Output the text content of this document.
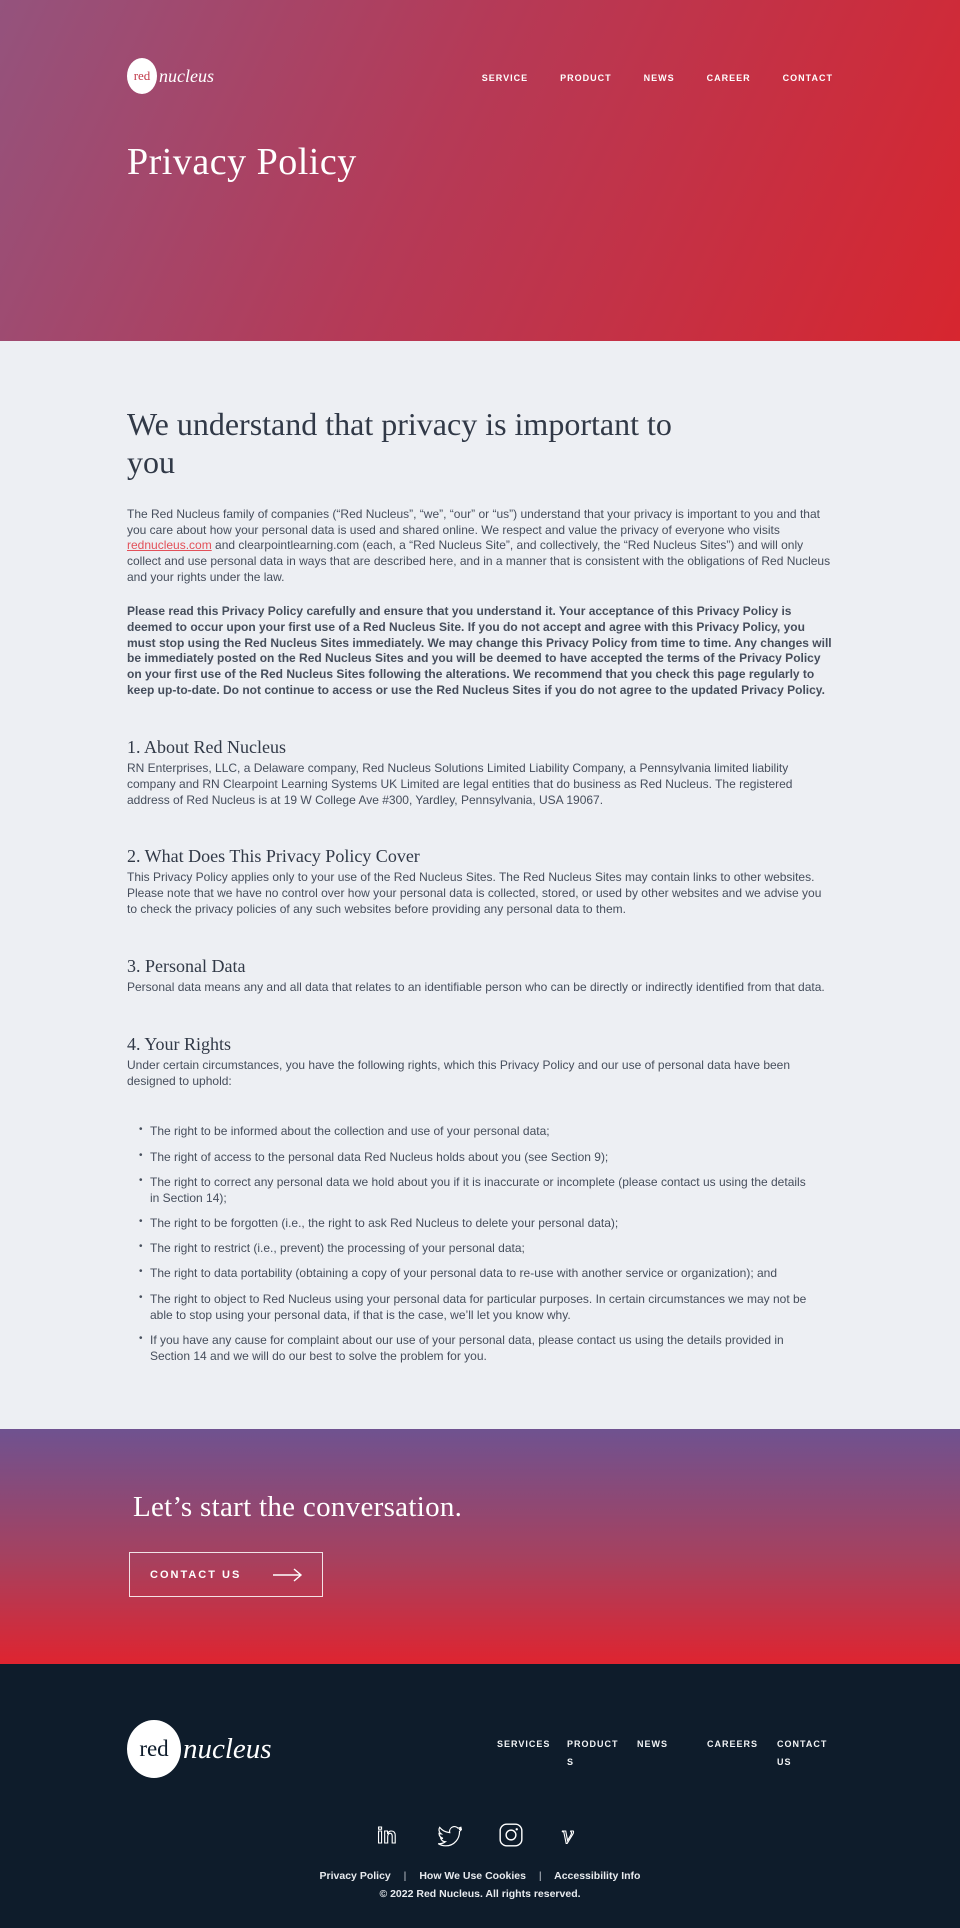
red nucleus	SERVICE	PRODUCT	NEWS	CAREER	CONTACT
Privacy Policy
We understand that privacy is important to you

The Red Nucleus family of companies (“Red Nucleus”, “we”, “our” or “us”) understand that your privacy is important to you and that you care about how your personal data is used and shared online. We respect and value the privacy of everyone who visits rednucleus.com and clearpointlearning.com (each, a “Red Nucleus Site”, and collectively, the “Red Nucleus Sites”) and will only collect and use personal data in ways that are described here, and in a manner that is consistent with the obligations of Red Nucleus and your rights under the law.

Please read this Privacy Policy carefully and ensure that you understand it. Your acceptance of this Privacy Policy is deemed to occur upon your first use of a Red Nucleus Site. If you do not accept and agree with this Privacy Policy, you must stop using the Red Nucleus Sites immediately. We may change this Privacy Policy from time to time. Any changes will be immediately posted on the Red Nucleus Sites and you will be deemed to have accepted the terms of the Privacy Policy on your first use of the Red Nucleus Sites following the alterations. We recommend that you check this page regularly to keep up-to-date. Do not continue to access or use the Red Nucleus Sites if you do not agree to the updated Privacy Policy.

1. About Red Nucleus

RN Enterprises, LLC, a Delaware company, Red Nucleus Solutions Limited Liability Company, a Pennsylvania limited liability company and RN Clearpoint Learning Systems UK Limited are legal entities that do business as Red Nucleus. The registered address of Red Nucleus is at 19 W College Ave #300, Yardley, Pennsylvania, USA 19067.

2. What Does This Privacy Policy Cover

This Privacy Policy applies only to your use of the Red Nucleus Sites. The Red Nucleus Sites may contain links to other websites. Please note that we have no control over how your personal data is collected, stored, or used by other websites and we advise you to check the privacy policies of any such websites before providing any personal data to them.

3. Personal Data

Personal data means any and all data that relates to an identifiable person who can be directly or indirectly identified from that data.

4. Your Rights

Under certain circumstances, you have the following rights, which this Privacy Policy and our use of personal data have been designed to uphold:

• The right to be informed about the collection and use of your personal data;
• The right of access to the personal data Red Nucleus holds about you (see Section 9);
• The right to correct any personal data we hold about you if it is inaccurate or incomplete (please contact us using the details in Section 14);
• The right to be forgotten (i.e., the right to ask Red Nucleus to delete your personal data);
• The right to restrict (i.e., prevent) the processing of your personal data;
• The right to data portability (obtaining a copy of your personal data to re-use with another service or organization); and
• The right to object to Red Nucleus using your personal data for particular purposes. In certain circumstances we may not be able to stop using your personal data, if that is the case, we’ll let you know why.
• If you have any cause for complaint about our use of your personal data, please contact us using the details provided in Section 14 and we will do our best to solve the problem for you.
Let’s start the conversation.
CONTACT US
red nucleus	SERVICES PRODUCTS
NEWS	CAREERS	CONTACT US
in	v
Privacy Policy | How We Use Cookies | Accessibility Info
© 2022 Red Nucleus. All rights reserved.
